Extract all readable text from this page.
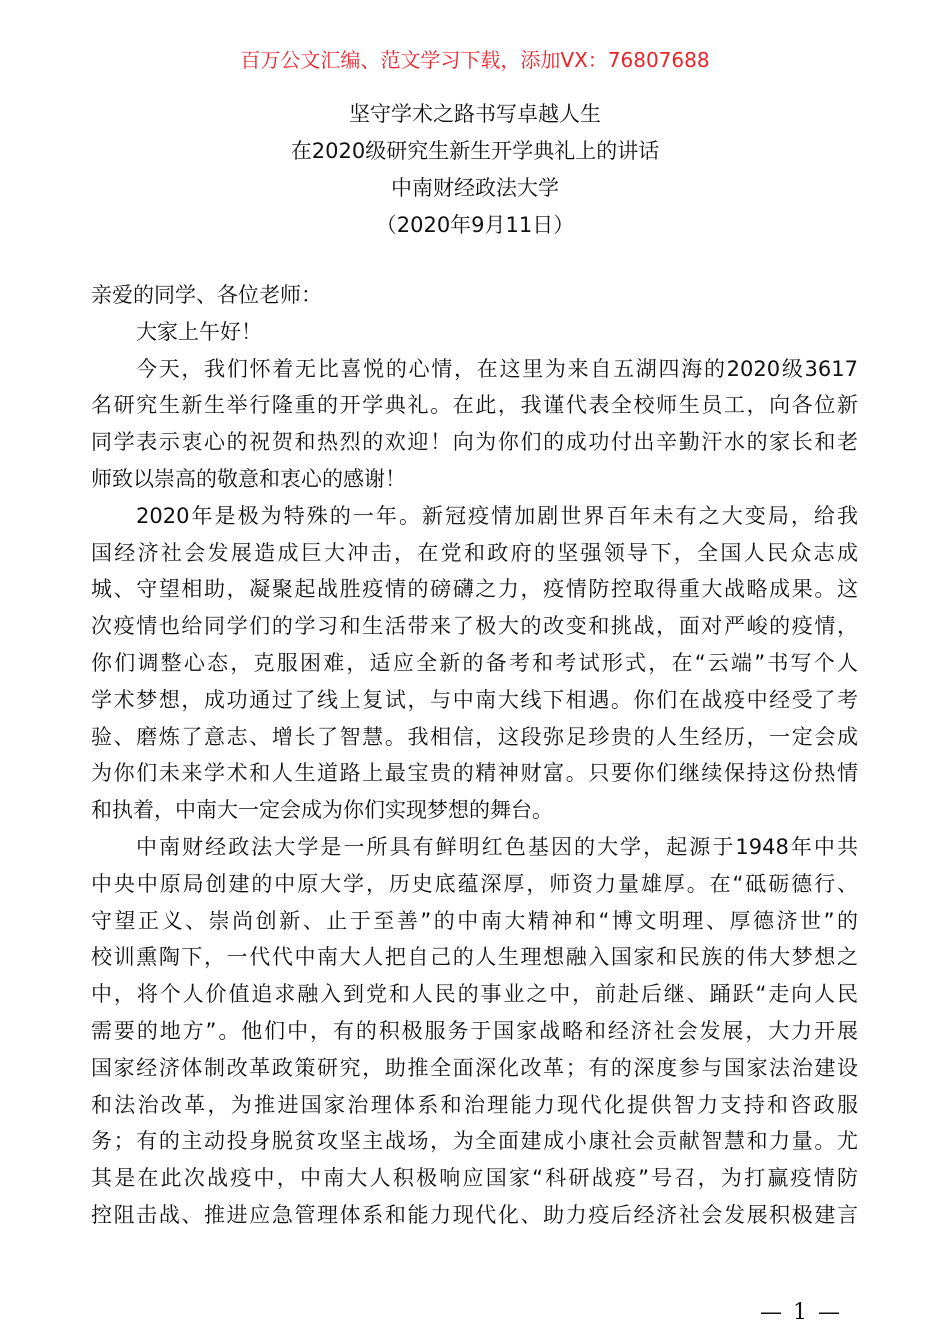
百万公文汇编、范文学习下载，添加VX：76807688
坚守学术之路书写卓越人生
在2020级研究生新生开学典礼上的讲话
中南财经政法大学
（2020年9月11日）
亲爱的同学、各位老师：
大家上午好！
今天，我们怀着无比喜悦的心情，在这里为来自五湖四海的2020级3617
名研究生新生举行隆重的开学典礼。在此，我谨代表全校师生员工，向各位新
同学表示衷心的祝贺和热烈的欢迎！向为你们的成功付出辛勤汗水的家长和老
师致以崇高的敬意和衷心的感谢！
2020年是极为特殊的一年。新冠疫情加剧世界百年未有之大变局，给我
国经济社会发展造成巨大冲击，在党和政府的坚强领导下，全国人民众志成
城、守望相助，凝聚起战胜疫情的磅礴之力，疫情防控取得重大战略成果。这
次疫情也给同学们的学习和生活带来了极大的改变和挑战，面对严峻的疫情，
你们调整心态，克服困难，适应全新的备考和考试形式，在“云端”书写个人
学术梦想，成功通过了线上复试，与中南大线下相遇。你们在战疫中经受了考
验、磨炼了意志、增长了智慧。我相信，这段弥足珍贵的人生经历，一定会成
为你们未来学术和人生道路上最宝贵的精神财富。只要你们继续保持这份热情
和执着，中南大一定会成为你们实现梦想的舞台。
中南财经政法大学是一所具有鲜明红色基因的大学，起源于1948年中共
中央中原局创建的中原大学，历史底蕴深厚，师资力量雄厚。在“砥砺德行、
守望正义、崇尚创新、止于至善”的中南大精神和“博文明理、厚德济世”的
校训熏陶下，一代代中南大人把自己的人生理想融入国家和民族的伟大梦想之
中，将个人价值追求融入到党和人民的事业之中，前赴后继、踊跃“走向人民
需要的地方”。他们中，有的积极服务于国家战略和经济社会发展，大力开展
国家经济体制改革政策研究，助推全面深化改革；有的深度参与国家法治建设
和法治改革，为推进国家治理体系和治理能力现代化提供智力支持和咨政服
务；有的主动投身脱贫攻坚主战场，为全面建成小康社会贡献智慧和力量。尤
其是在此次战疫中，中南大人积极响应国家“科研战疫”号召，为打赢疫情防
控阻击战、推进应急管理体系和能力现代化、助力疫后经济社会发展积极建言
— 1 —
